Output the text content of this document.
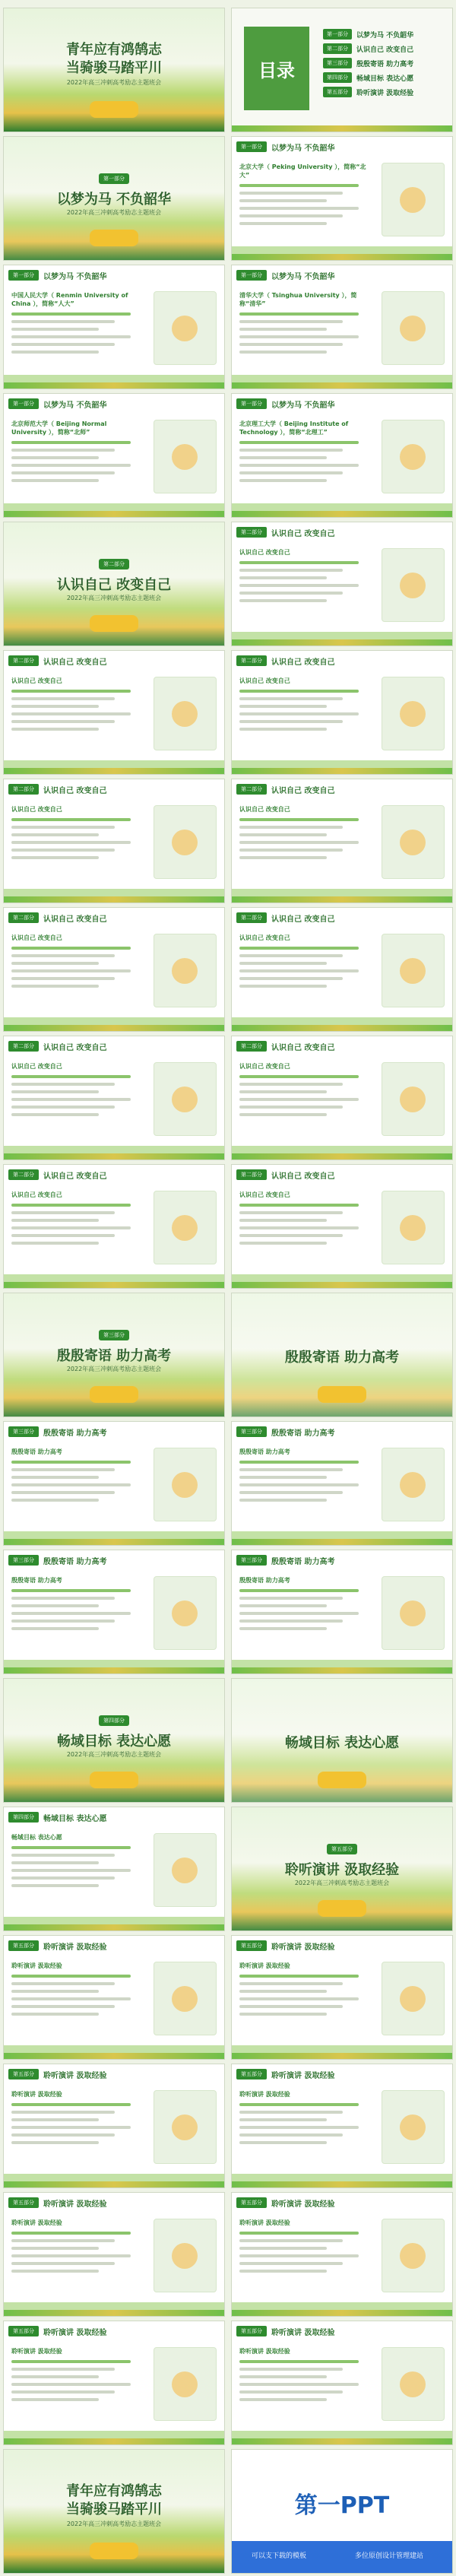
青年应有鸿鹄志
当骑骏马踏平川
2022年高三冲刺高考励志主题班会
目录
第一部分	以梦为马 不负韶华
第二部分	认识自己 改变自己
第三部分	殷殷寄语 助力高考
第四部分	畅域目标 表达心愿
第五部分	聆听演讲 汲取经验
第一部分
以梦为马 不负韶华
2022年高三冲刺高考励志主题班会
第一部分	以梦为马 不负韶华
北京大学（ Peking University ），简称“北大”
第一部分	以梦为马 不负韶华
中国人民大学（ Renmin University of China ），简称“人大”
第一部分	以梦为马 不负韶华
清华大学（ Tsinghua University ），简称“清华”
第一部分	以梦为马 不负韶华
北京师范大学（ Beijing Normal University ），简称“北师”
第一部分	以梦为马 不负韶华
北京理工大学（ Beijing Institute of Technology ），简称“北理工”
第二部分
认识自己 改变自己
2022年高三冲刺高考励志主题班会
第二部分	认识自己 改变自己
认识自己 改变自己
第二部分	认识自己 改变自己
认识自己 改变自己
第二部分	认识自己 改变自己
认识自己 改变自己
第二部分	认识自己 改变自己
认识自己 改变自己
第二部分	认识自己 改变自己
认识自己 改变自己
第二部分	认识自己 改变自己
认识自己 改变自己
第二部分	认识自己 改变自己
认识自己 改变自己
第二部分	认识自己 改变自己
认识自己 改变自己
第二部分	认识自己 改变自己
认识自己 改变自己
第二部分	认识自己 改变自己
认识自己 改变自己
第二部分	认识自己 改变自己
认识自己 改变自己
第三部分
殷殷寄语 助力高考
2022年高三冲刺高考励志主题班会
殷殷寄语 助力高考
第三部分	殷殷寄语 助力高考
殷殷寄语 助力高考
第三部分	殷殷寄语 助力高考
殷殷寄语 助力高考
第三部分	殷殷寄语 助力高考
殷殷寄语 助力高考
第三部分	殷殷寄语 助力高考
殷殷寄语 助力高考
第四部分
畅域目标 表达心愿
2022年高三冲刺高考励志主题班会
畅域目标 表达心愿
第四部分	畅域目标 表达心愿
畅域目标 表达心愿
第五部分
聆听演讲 汲取经验
2022年高三冲刺高考励志主题班会
第五部分	聆听演讲 汲取经验
聆听演讲 汲取经验
第五部分	聆听演讲 汲取经验
聆听演讲 汲取经验
第五部分	聆听演讲 汲取经验
聆听演讲 汲取经验
第五部分	聆听演讲 汲取经验
聆听演讲 汲取经验
第五部分	聆听演讲 汲取经验
聆听演讲 汲取经验
第五部分	聆听演讲 汲取经验
聆听演讲 汲取经验
第五部分	聆听演讲 汲取经验
聆听演讲 汲取经验
第五部分	聆听演讲 汲取经验
聆听演讲 汲取经验
青年应有鸿鹄志
当骑骏马踏平川
2022年高三冲刺高考励志主题班会
第一PPT
可以支下载的模板	多位原创设计管理建站
